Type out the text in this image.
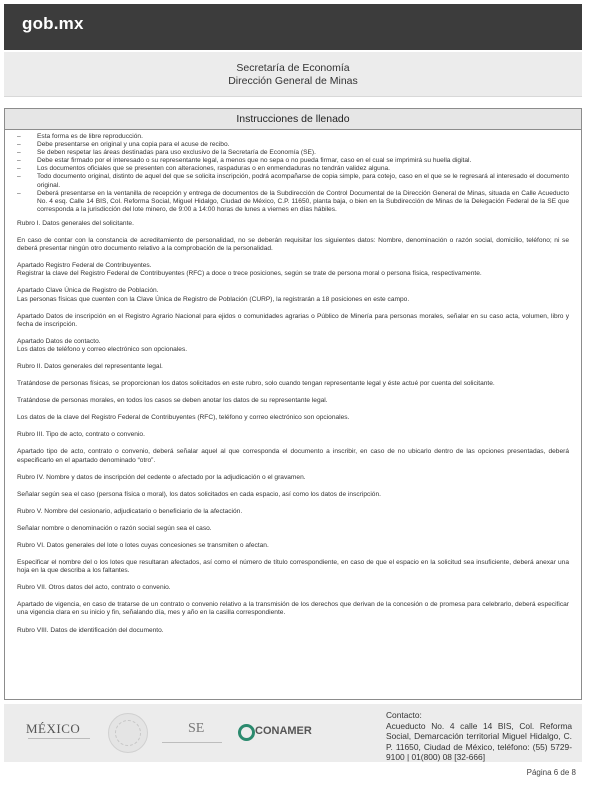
gob.mx
Secretaría de Economía
Dirección General de Minas
Instrucciones de llenado
– Esta forma es de libre reproducción.
– Debe presentarse en original y una copia para el acuse de recibo.
– Se deben respetar las áreas destinadas para uso exclusivo de la Secretaría de Economía (SE).
– Debe estar firmado por el interesado o su representante legal, a menos que no sepa o no pueda firmar, caso en el cual se imprimirá su huella digital.
– Los documentos oficiales que se presenten con alteraciones, raspaduras o en enmendaduras no tendrán validez alguna.
– Todo documento original, distinto de aquel del que se solicita inscripción, podrá acompañarse de copia simple, para cotejo, caso en el que se le regresará al interesado el documento original.
– Deberá presentarse en la ventanilla de recepción y entrega de documentos de la Subdirección de Control Documental de la Dirección General de Minas, situada en Calle Acueducto No. 4 esq. Calle 14 BIS, Col. Reforma Social, Miguel Hidalgo, Ciudad de México, C.P. 11650, planta baja, o bien en la Subdirección de Minas de la Delegación Federal de la SE que corresponda a la jurisdicción del lote minero, de 9:00 a 14:00 horas de lunes a viernes en días hábiles.
Rubro I. Datos generales del solicitante.
En caso de contar con la constancia de acreditamiento de personalidad, no se deberán requisitar los siguientes datos: Nombre, denominación o razón social, domicilio, teléfono; ni se deberá presentar ningún otro documento relativo a la comprobación de la personalidad.
Apartado Registro Federal de Contribuyentes.
Registrar la clave del Registro Federal de Contribuyentes (RFC) a doce o trece posiciones, según se trate de persona moral o persona física, respectivamente.
Apartado Clave Única de Registro de Población.
Las personas físicas que cuenten con la Clave Única de Registro de Población (CURP), la registrarán a 18 posiciones en este campo.
Apartado Datos de inscripción en el Registro Agrario Nacional para ejidos o comunidades agrarias o Público de Minería para personas morales, señalar en su caso acta, volumen, libro y fecha de inscripción.
Apartado Datos de contacto.
Los datos de teléfono y correo electrónico son opcionales.
Rubro II. Datos generales del representante legal.
Tratándose de personas físicas, se proporcionan los datos solicitados en este rubro, solo cuando tengan representante legal y éste actué por cuenta del solicitante.
Tratándose de personas morales, en todos los casos se deben anotar los datos de su representante legal.
Los datos de la clave del Registro Federal de Contribuyentes (RFC), teléfono y correo electrónico son opcionales.
Rubro III. Tipo de acto, contrato o convenio.
Apartado tipo de acto, contrato o convenio, deberá señalar aquel al que corresponda el documento a inscribir, en caso de no ubicarlo dentro de las opciones presentadas, deberá especificarlo en el apartado denominado “otro”.
Rubro IV. Nombre y datos de inscripción del cedente o afectado por la adjudicación o el gravamen.
Señalar según sea el caso (persona física o moral), los datos solicitados en cada espacio, así como los datos de inscripción.
Rubro V. Nombre del cesionario, adjudicatario o beneficiario de la afectación.
Señalar nombre o denominación o razón social según sea el caso.
Rubro VI. Datos generales del lote o lotes cuyas concesiones se transmiten o afectan.
Especificar el nombre del o los lotes que resultaran afectados, así como el número de título correspondiente, en caso de que el espacio en la solicitud sea insuficiente, deberá anexar una hoja en la que describa a los faltantes.
Rubro VII. Otros datos del acto, contrato o convenio.
Apartado de vigencia, en caso de tratarse de un contrato o convenio relativo a la transmisión de los derechos que derivan de la concesión o de promesa para celebrarlo, deberá especificar una vigencia clara en su inicio y fin, señalando día, mes y año en la casilla correspondiente.
Rubro VIII. Datos de identificación del documento.
MÉXICO	SE	CONAMER
Contacto:
Acueducto No. 4 calle 14 BIS, Col. Reforma Social, Demarcación territorial Miguel Hidalgo, C. P. 11650, Ciudad de México, teléfono: (55) 5729-9100 | 01(800) 08 [32-666]
Página 6 de 8
